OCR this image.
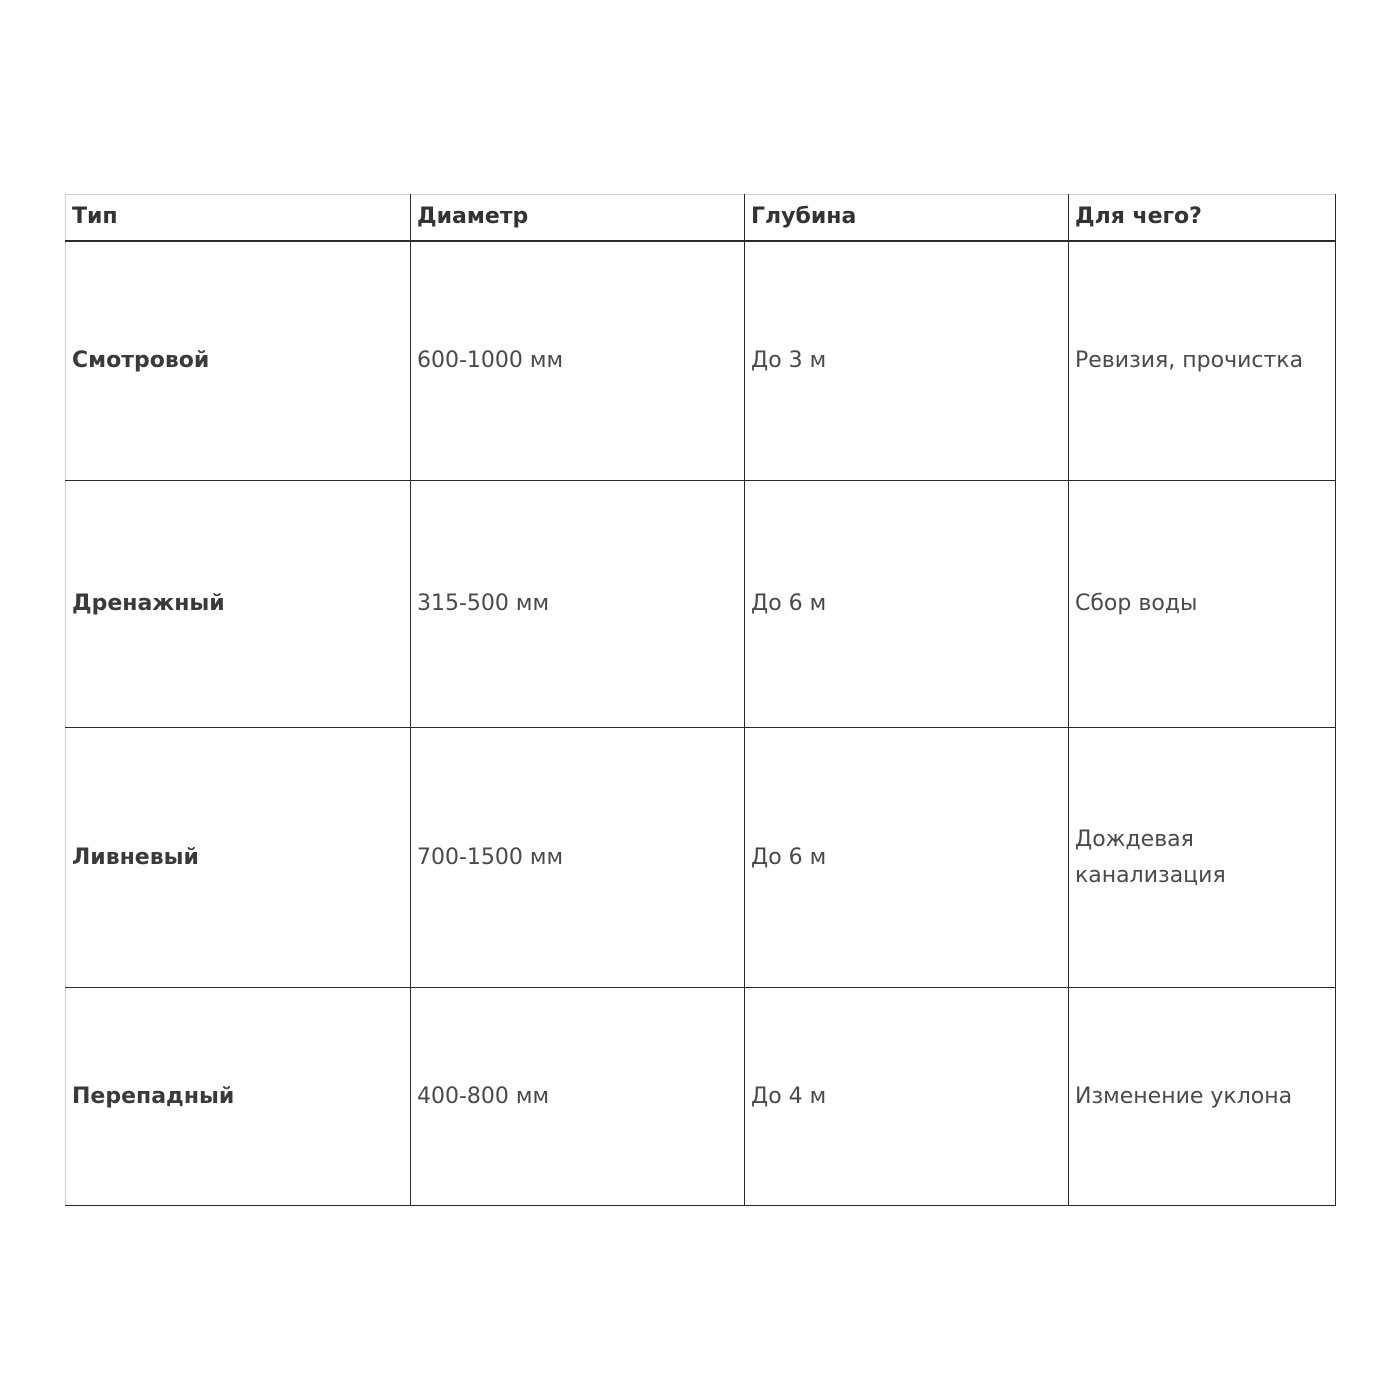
Тип	Диаметр	Глубина	Для чего?
Смотровой	600-1000 мм	До 3 м	Ревизия, прочистка
Дренажный	315-500 мм	До 6 м	Сбор воды
Ливневый	700-1500 мм	До 6 м	Дождевая
канализация

Перепадный	400-800 мм	До 4 м	Изменение уклона
